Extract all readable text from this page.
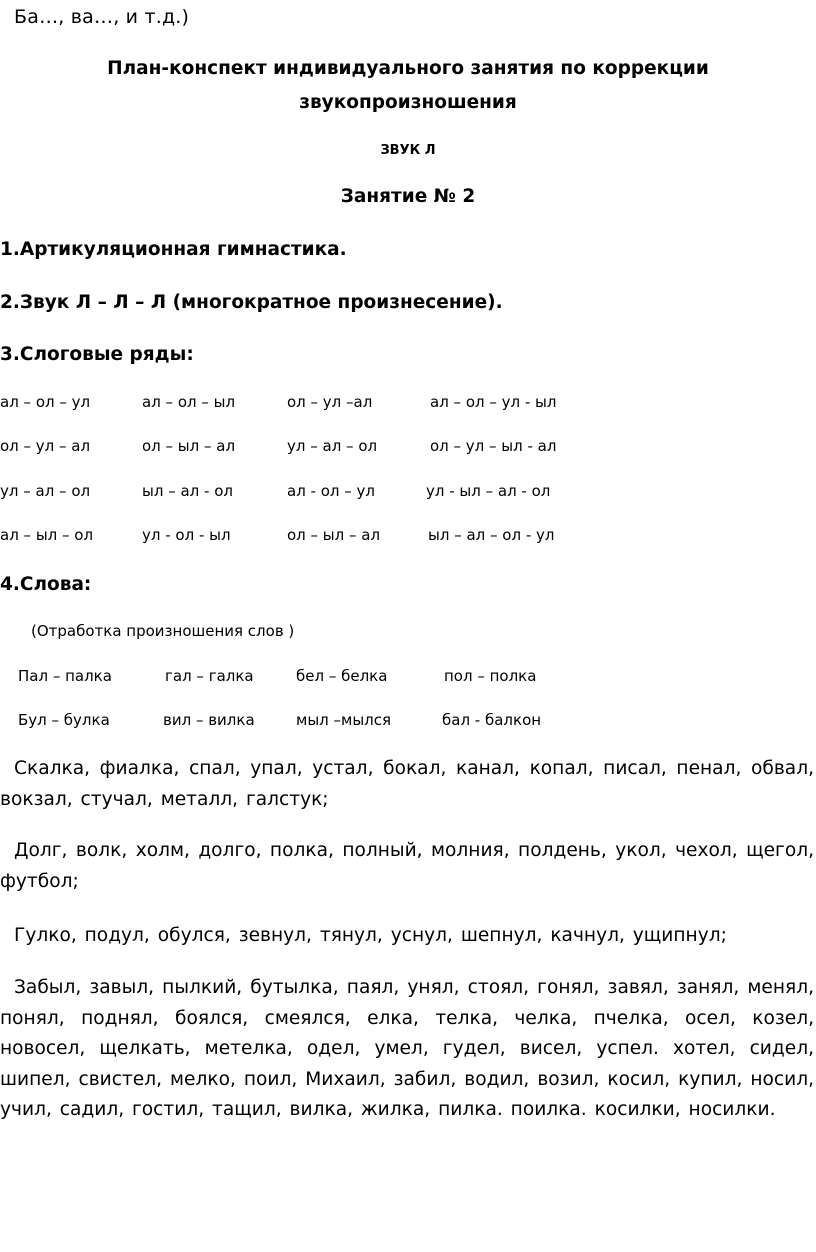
Ба…, ва…, и т.д.)
План-конспект индивидуального занятия по коррекции
звукопроизношения
ЗВУК Л
Занятие № 2
1.Артикуляционная гимнастика.
2.Звук Л – Л – Л (многократное произнесение).
3.Слоговые ряды:
ал – ол – ул	ал – ол – ыл	ол – ул –ал	ал – ол – ул - ыл
ол – ул – ал	ол – ыл – ал	ул – ал – ол	ол – ул – ыл - ал
ул – ал – ол	ыл – ал - ол	ал - ол – ул	ул - ыл – ал - ол
ал – ыл – ол	ул - ол - ыл	ол – ыл – ал	ыл – ал – ол - ул
4.Слова:
(Отработка произношения слов )
Пал – палка	гал – галка	бел – белка	пол – полка
Бул – булка	вил – вилка	мыл –мылся	бал - балкон
Скалка, фиалка, спал, упал, устал, бокал, канал, копал, писал, пенал, обвал, вокзал, стучал, металл, галстук;
Долг, волк, холм, долго, полка, полный, молния, полдень, укол, чехол, щегол, футбол;
Гулко, подул, обулся, зевнул, тянул, уснул, шепнул, качнул, ущипнул;
Забыл, завыл, пылкий, бутылка, паял, унял, стоял, гонял, завял, занял, менял, понял, поднял, боялся, смеялся, елка, телка, челка, пчелка, осел, козел, новосел, щелкать, метелка, одел, умел, гудел, висел, успел. хотел, сидел, шипел, свистел, мелко, поил, Михаил, забил, водил, возил, косил, купил, носил, учил, садил, гостил, тащил, вилка, жилка, пилка. поилка. косилки, носилки.
